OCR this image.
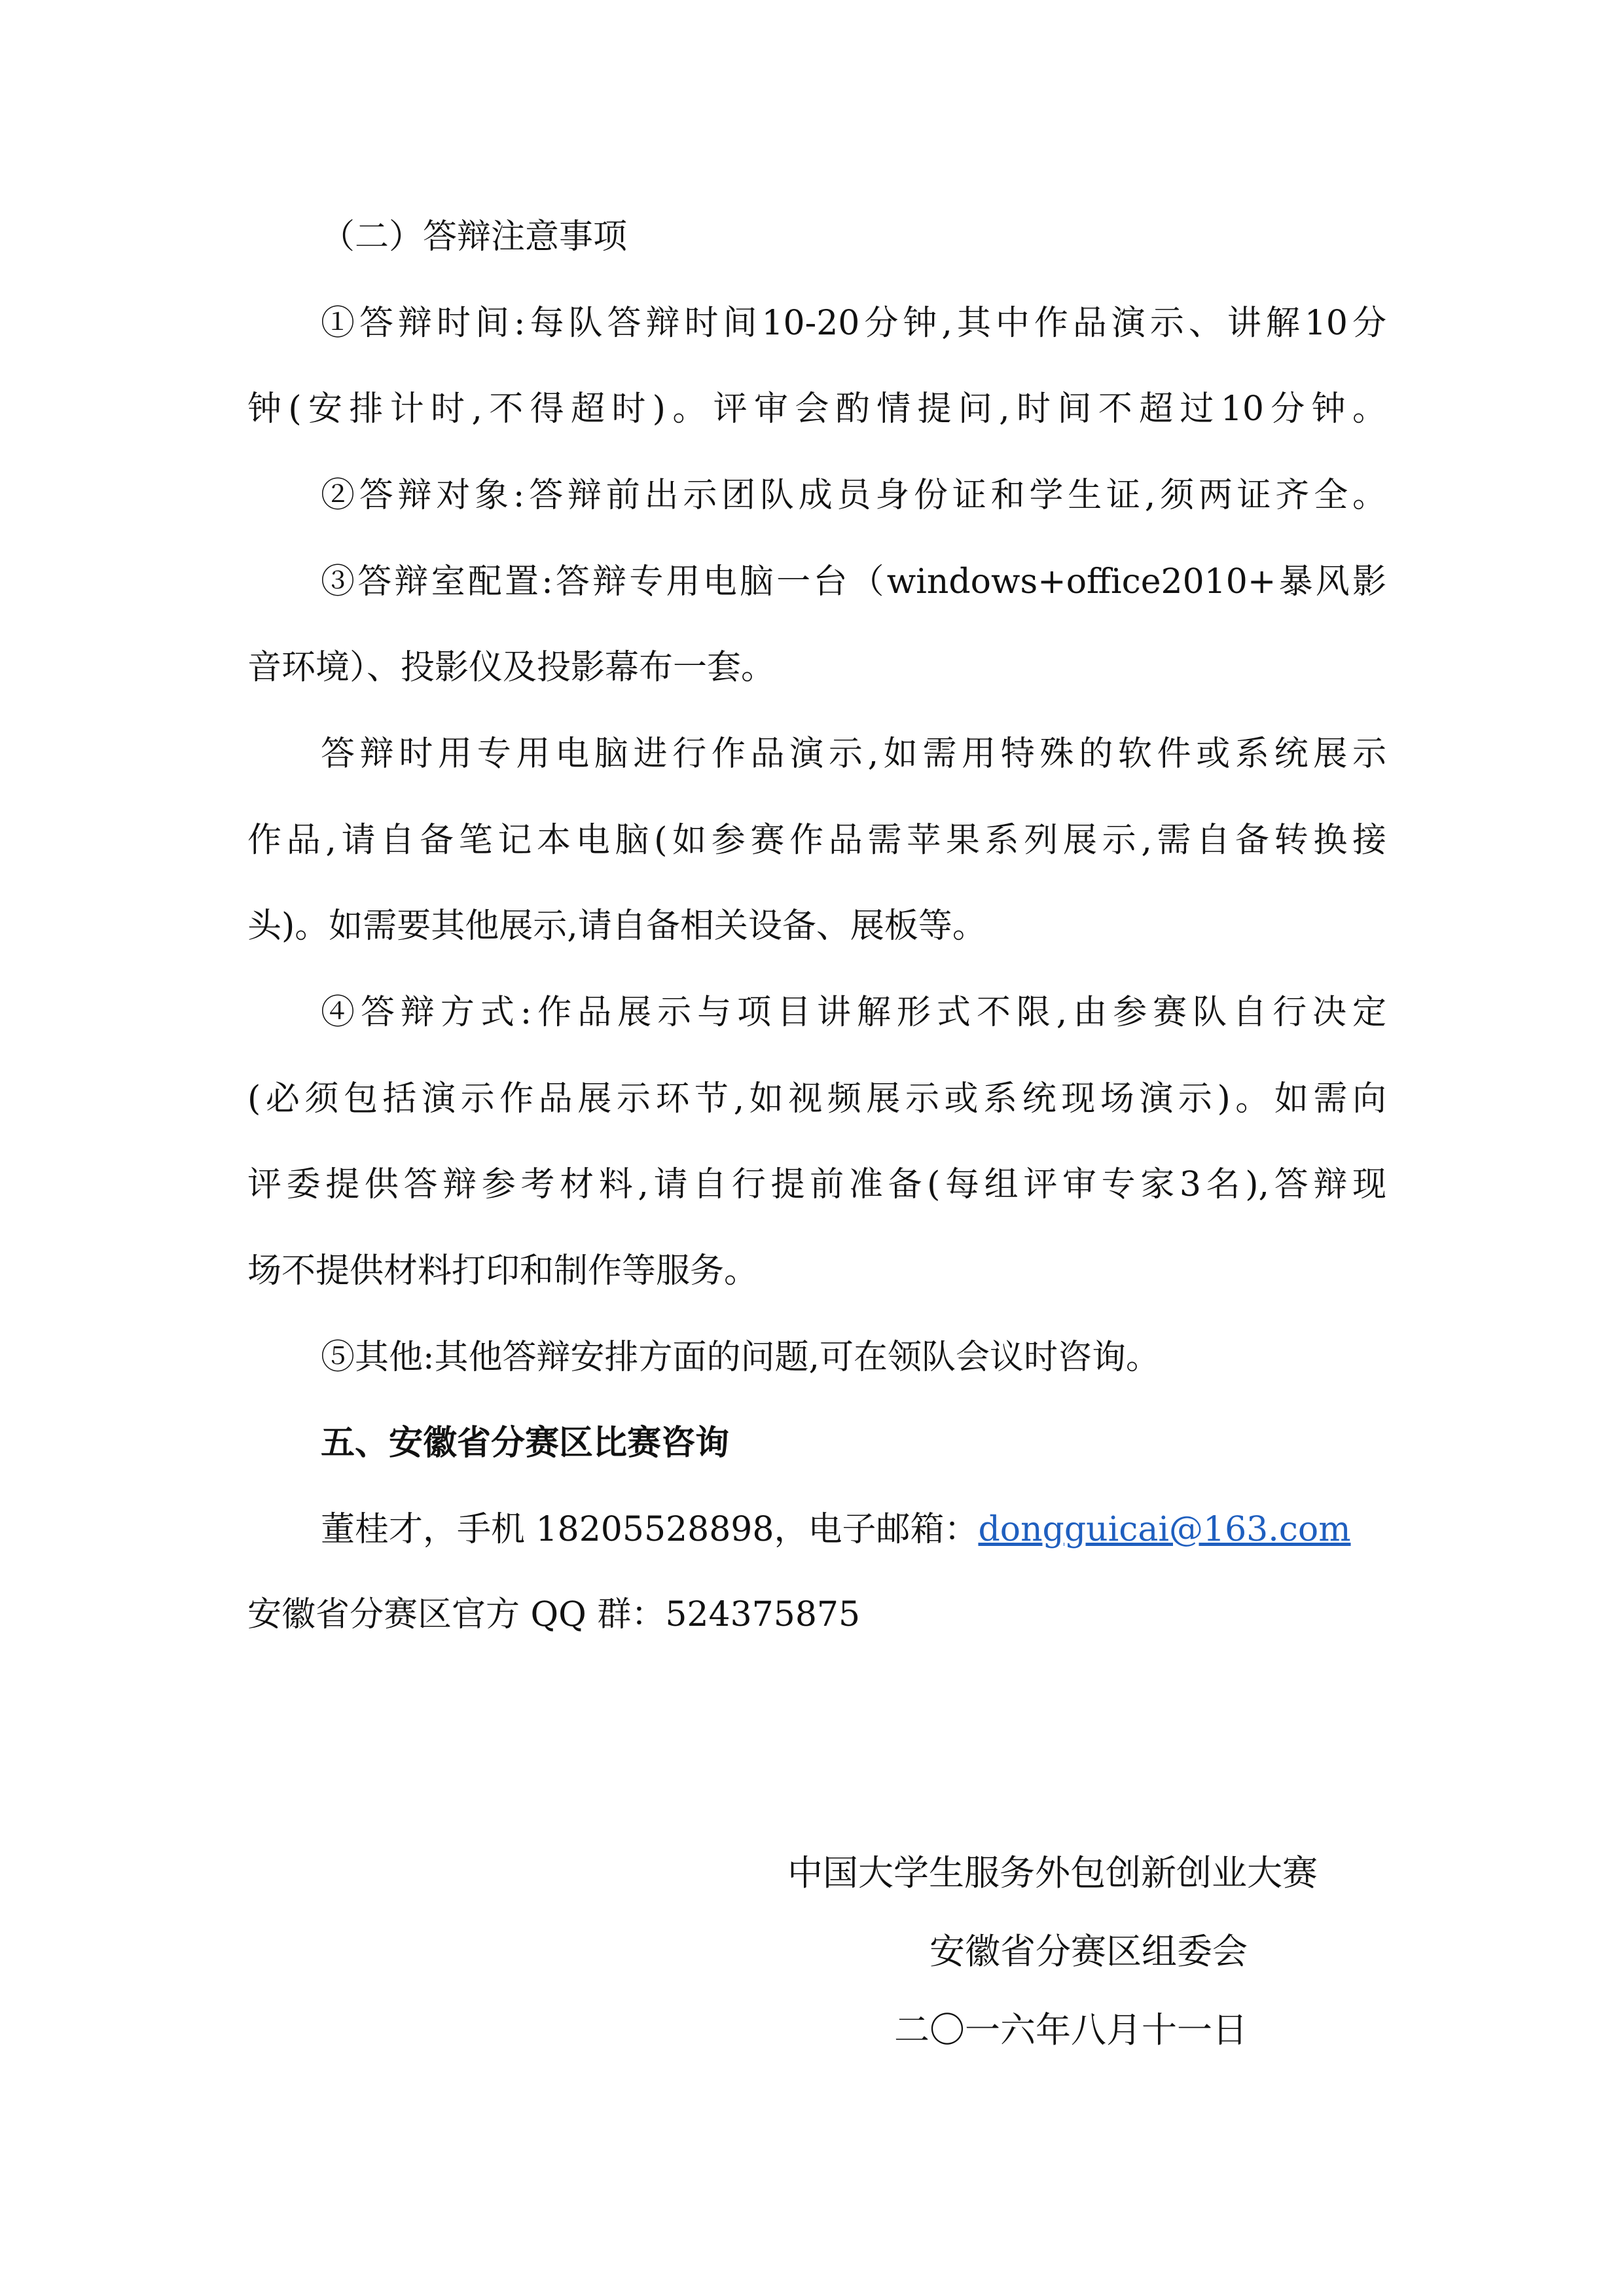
（二）答辩注意事项
①答辩时间:每队答辩时间10-20分钟,其中作品演示、讲解10分
钟(安排计时,不得超时)。评审会酌情提问,时间不超过10分钟。
②答辩对象:答辩前出示团队成员身份证和学生证,须两证齐全。
③答辩室配置:答辩专用电脑一台（windows+office2010+暴风影
音环境）、投影仪及投影幕布一套。
答辩时用专用电脑进行作品演示,如需用特殊的软件或系统展示
作品,请自备笔记本电脑(如参赛作品需苹果系列展示,需自备转换接
头)。如需要其他展示,请自备相关设备、展板等。
④答辩方式:作品展示与项目讲解形式不限,由参赛队自行决定
(必须包括演示作品展示环节,如视频展示或系统现场演示)。如需向
评委提供答辩参考材料,请自行提前准备(每组评审专家3名),答辩现
场不提供材料打印和制作等服务。
⑤其他:其他答辩安排方面的问题,可在领队会议时咨询。
五、安徽省分赛区比赛咨询
董桂才，手机 18205528898，电子邮箱：dongguicai@163.com
安徽省分赛区官方 QQ 群：524375875
中国大学生服务外包创新创业大赛
安徽省分赛区组委会
二〇一六年八月十一日
